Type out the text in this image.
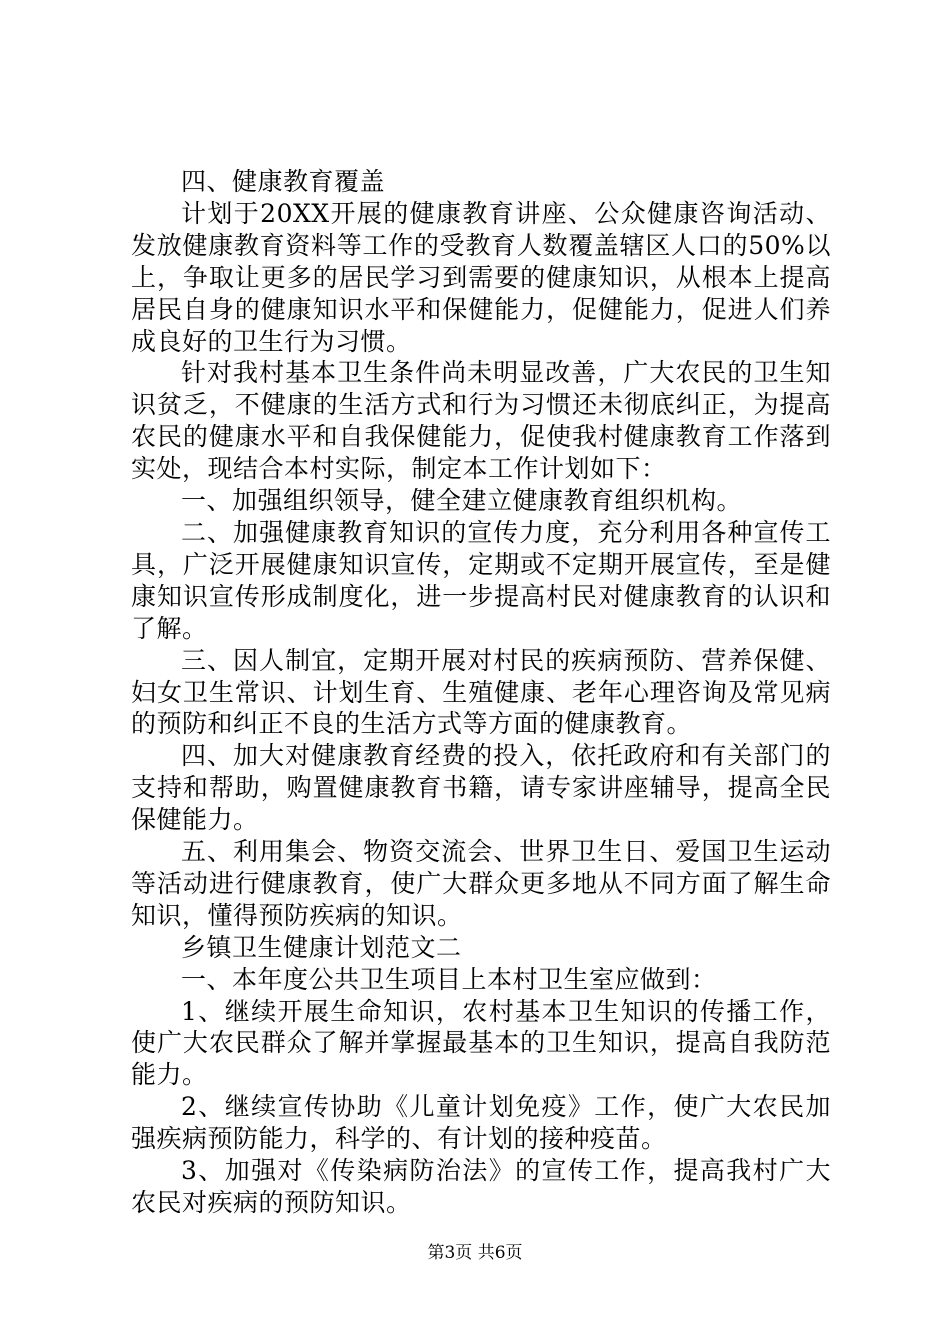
四、健康教育覆盖

计划于20XX开展的健康教育讲座、公众健康咨询活动、发放健康教育资料等工作的受教育人数覆盖辖区人口的50%以上，争取让更多的居民学习到需要的健康知识，从根本上提高居民自身的健康知识水平和保健能力，促健能力，促进人们养成良好的卫生行为习惯。

针对我村基本卫生条件尚未明显改善，广大农民的卫生知识贫乏，不健康的生活方式和行为习惯还未彻底纠正，为提高农民的健康水平和自我保健能力，促使我村健康教育工作落到实处，现结合本村实际，制定本工作计划如下：

一、加强组织领导，健全建立健康教育组织机构。

二、加强健康教育知识的宣传力度，充分利用各种宣传工具，广泛开展健康知识宣传，定期或不定期开展宣传，至是健康知识宣传形成制度化，进一步提高村民对健康教育的认识和了解。

三、因人制宜，定期开展对村民的疾病预防、营养保健、妇女卫生常识、计划生育、生殖健康、老年心理咨询及常见病的预防和纠正不良的生活方式等方面的健康教育。

四、加大对健康教育经费的投入，依托政府和有关部门的支持和帮助，购置健康教育书籍，请专家讲座辅导，提高全民保健能力。

五、利用集会、物资交流会、世界卫生日、爱国卫生运动等活动进行健康教育，使广大群众更多地从不同方面了解生命知识，懂得预防疾病的知识。

乡镇卫生健康计划范文二

一、本年度公共卫生项目上本村卫生室应做到：

1、继续开展生命知识，农村基本卫生知识的传播工作，使广大农民群众了解并掌握最基本的卫生知识，提高自我防范能力。

2、继续宣传协助《儿童计划免疫》工作，使广大农民加强疾病预防能力，科学的、有计划的接种疫苗。

3、加强对《传染病防治法》的宣传工作，提高我村广大农民对疾病的预防知识。

第3页 共6页
